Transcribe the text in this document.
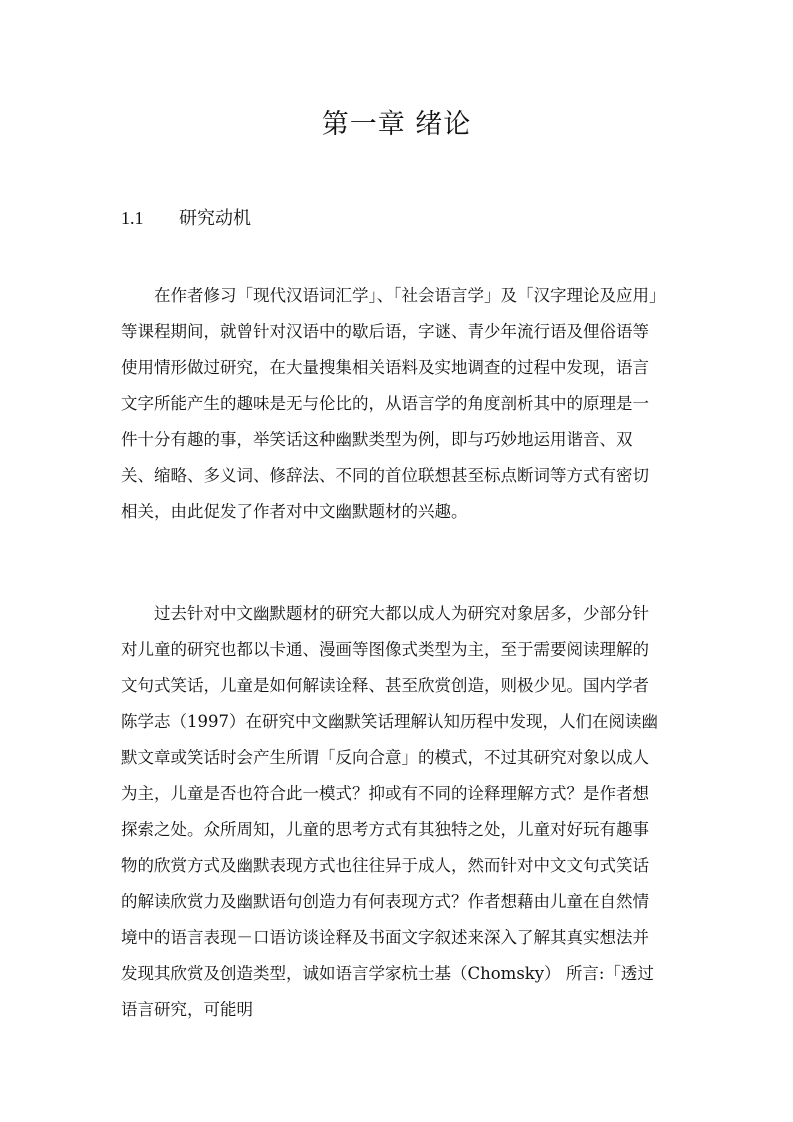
第一章 绪论
1.1 研究动机

在作者修习「现代汉语词汇学」、「社会语言学」及「汉字理论及应用」等课程期间，就曾针对汉语中的歇后语，字谜、青少年流行语及俚俗语等使用情形做过研究，在大量搜集相关语料及实地调查的过程中发现，语言文字所能产生的趣味是无与伦比的，从语言学的角度剖析其中的原理是一件十分有趣的事，举笑话这种幽默类型为例，即与巧妙地运用谐音、双关、缩略、多义词、修辞法、不同的首位联想甚至标点断词等方式有密切相关，由此促发了作者对中文幽默题材的兴趣。

过去针对中文幽默题材的研究大都以成人为研究对象居多，少部分针对儿童的研究也都以卡通、漫画等图像式类型为主，至于需要阅读理解的文句式笑话，儿童是如何解读诠释、甚至欣赏创造，则极少见。国内学者陈学志（1997）在研究中文幽默笑话理解认知历程中发现，人们在阅读幽默文章或笑话时会产生所谓「反向合意」的模式，不过其研究对象以成人为主，儿童是否也符合此一模式？抑或有不同的诠释理解方式？是作者想探索之处。众所周知，儿童的思考方式有其独特之处，儿童对好玩有趣事物的欣赏方式及幽默表现方式也往往异于成人，然而针对中文文句式笑话的解读欣赏力及幽默语句创造力有何表现方式？作者想藉由儿童在自然情境中的语言表现－口语访谈诠释及书面文字叙述来深入了解其真实想法并发现其欣赏及创造类型，诚如语言学家杭士基（Chomsky） 所言:「透过语言研究，可能明
